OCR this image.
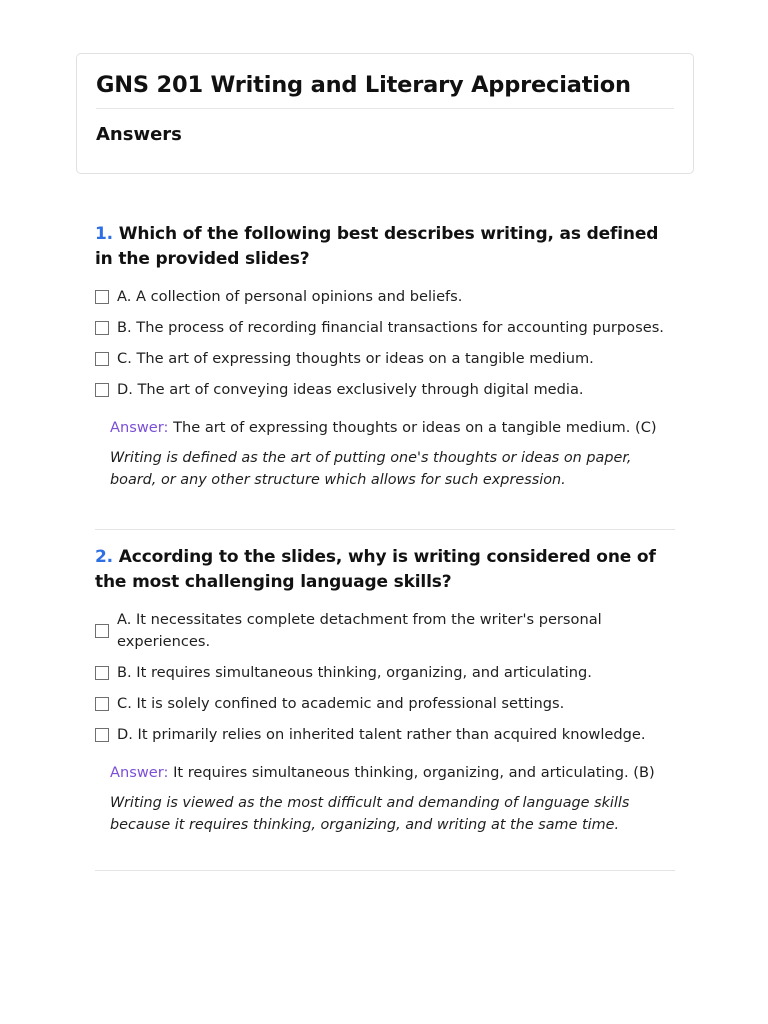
GNS 201 Writing and Literary Appreciation
Answers
1. Which of the following best describes writing, as defined in the provided slides?
A. A collection of personal opinions and beliefs.
B. The process of recording financial transactions for accounting purposes.
C. The art of expressing thoughts or ideas on a tangible medium.
D. The art of conveying ideas exclusively through digital media.
Answer: The art of expressing thoughts or ideas on a tangible medium. (C)
Writing is defined as the art of putting one's thoughts or ideas on paper, board, or any other structure which allows for such expression.
2. According to the slides, why is writing considered one of the most challenging language skills?
A. It necessitates complete detachment from the writer's personal experiences.
B. It requires simultaneous thinking, organizing, and articulating.
C. It is solely confined to academic and professional settings.
D. It primarily relies on inherited talent rather than acquired knowledge.
Answer: It requires simultaneous thinking, organizing, and articulating. (B)
Writing is viewed as the most difficult and demanding of language skills because it requires thinking, organizing, and writing at the same time.
